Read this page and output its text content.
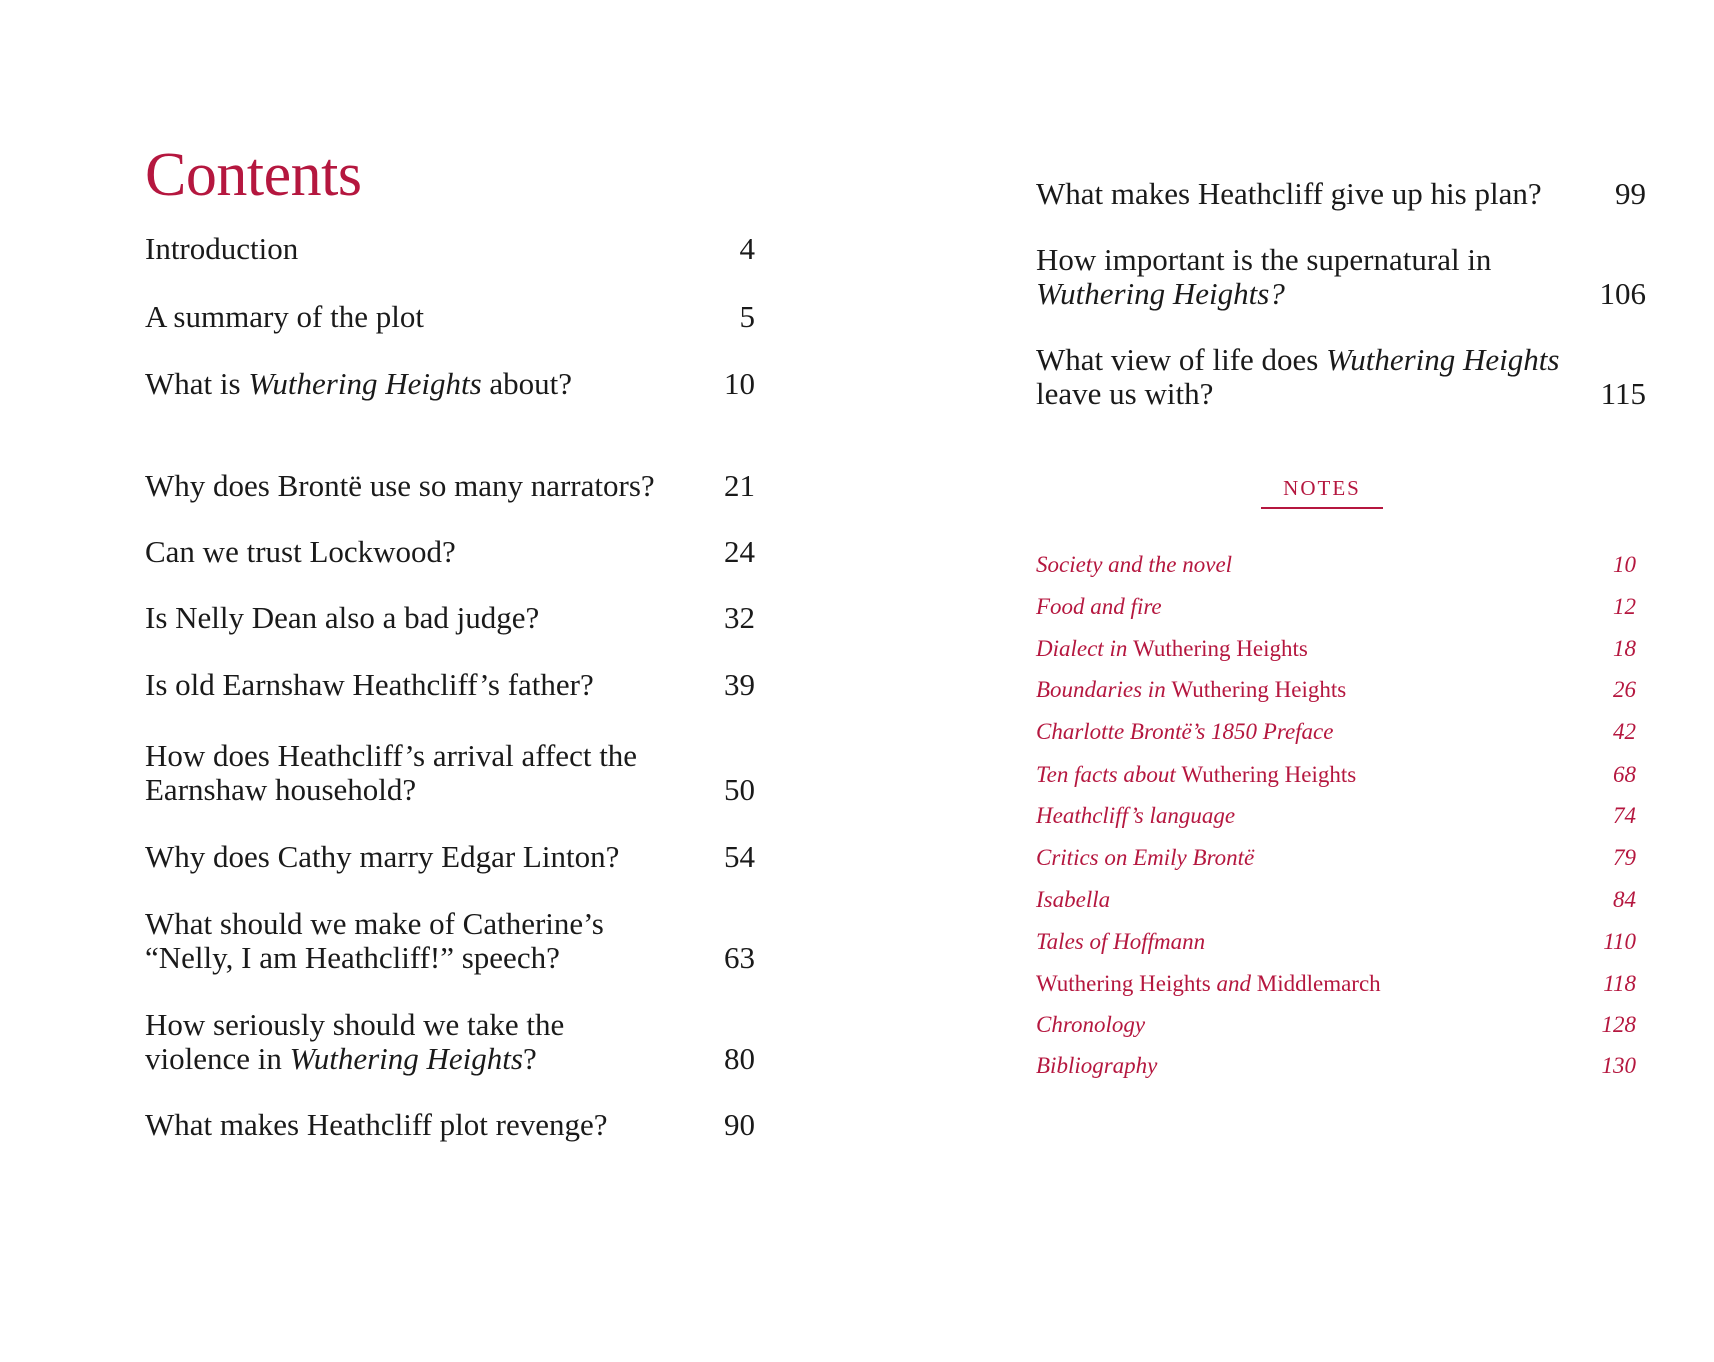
Contents
Introduction	4
A summary of the plot	5
What is Wuthering Heights about?	10
Why does Brontë use so many narrators?	21
Can we trust Lockwood?	24
Is Nelly Dean also a bad judge?	32
Is old Earnshaw Heathcliff’s father?	39
How does Heathcliff’s arrival affect the Earnshaw household?	50
Why does Cathy marry Edgar Linton?	54
What should we make of Catherine’s “Nelly, I am Heathcliff!” speech?	63
How seriously should we take the violence in Wuthering Heights?	80
What makes Heathcliff plot revenge?	90
What makes Heathcliff give up his plan?	99
How important is the supernatural in Wuthering Heights?	106
What view of life does Wuthering Heights leave us with?	115
NOTES
Society and the novel	10
Food and fire	12
Dialect in Wuthering Heights	18
Boundaries in Wuthering Heights	26
Charlotte Brontë’s 1850 Preface	42
Ten facts about Wuthering Heights	68
Heathcliff’s language	74
Critics on Emily Brontë	79
Isabella	84
Tales of Hoffmann	110
Wuthering Heights and Middlemarch	118
Chronology	128
Bibliography	130
